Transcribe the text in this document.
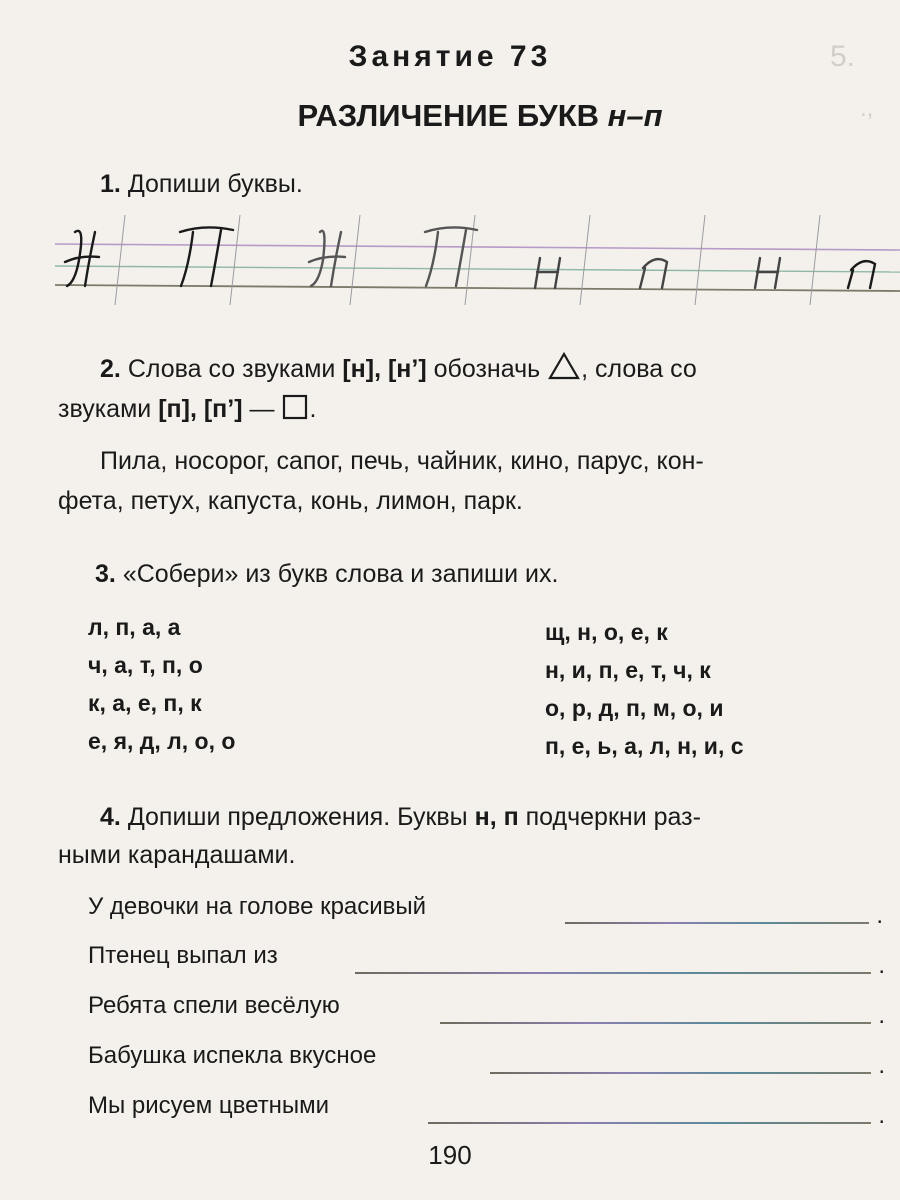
5.
.,
Занятие 73
РАЗЛИЧЕНИЕ БУКВ н–п
1. Допиши буквы.
2. Слова со звуками [н], [н’] обозначь , слова со
звуками [п], [п’] — .
Пила, носорог, сапог, печь, чайник, кино, парус, кон-
фета, петух, капуста, конь, лимон, парк.
3. «Собери» из букв слова и запиши их.
л, п, а, а
ч, а, т, п, о
к, а, е, п, к
е, я, д, л, о, о
щ, н, о, е, к
н, и, п, е, т, ч, к
о, р, д, п, м, о, и
п, е, ь, а, л, н, и, с
4. Допиши предложения. Буквы н, п подчеркни раз-
ными карандашами.
У девочки на голове красивый	.
Птенец выпал из	.
Ребята спели весёлую	.
Бабушка испекла вкусное	.
Мы рисуем цветными	.
190
